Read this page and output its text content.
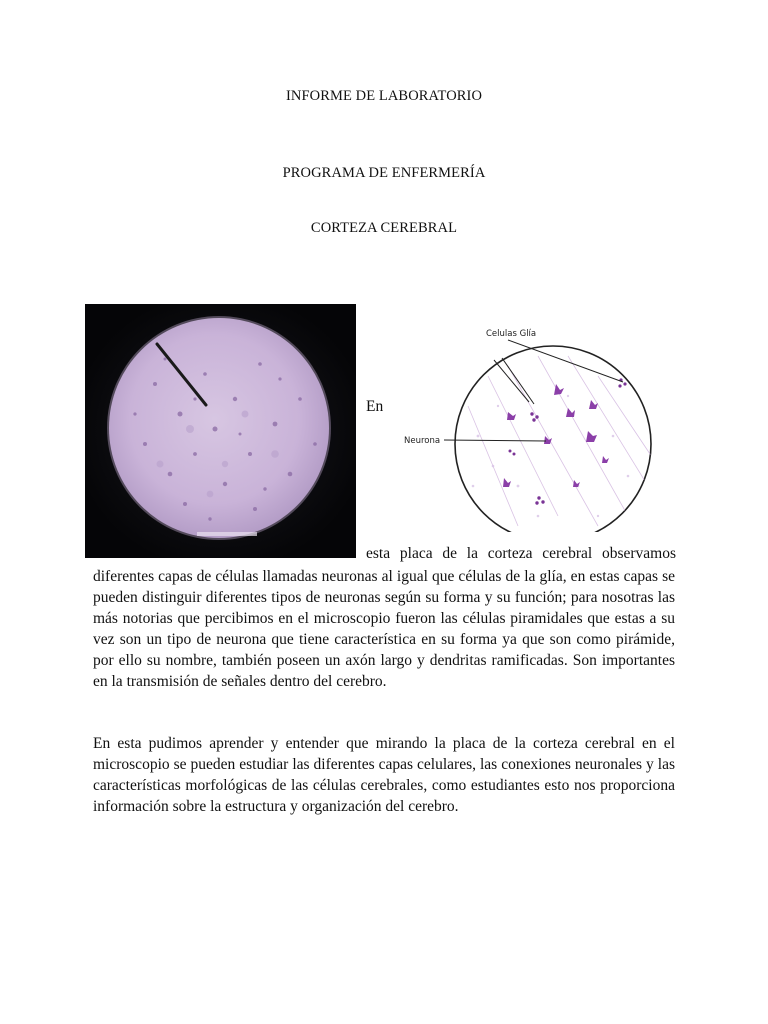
INFORME DE LABORATORIO
PROGRAMA DE ENFERMERÍA
CORTEZA CEREBRAL
Celulas Glía
Neurona
En
esta placa de la corteza cerebral observamos
diferentes capas de células llamadas neuronas al igual que células de la glía, en estas capas se pueden distinguir diferentes tipos de neuronas según su forma y su función; para nosotras las más notorias que percibimos en el microscopio fueron las células piramidales que estas a su vez son un tipo de neurona que tiene característica en su forma ya que son como pirámide, por ello su nombre, también poseen un axón largo y dendritas ramificadas. Son importantes en la transmisión de señales dentro del cerebro.
En esta pudimos aprender y entender que mirando la placa de la corteza cerebral en el microscopio se pueden estudiar las diferentes capas celulares, las conexiones neuronales y las características morfológicas de las células cerebrales, como estudiantes esto nos proporciona información sobre la estructura y organización del cerebro.
